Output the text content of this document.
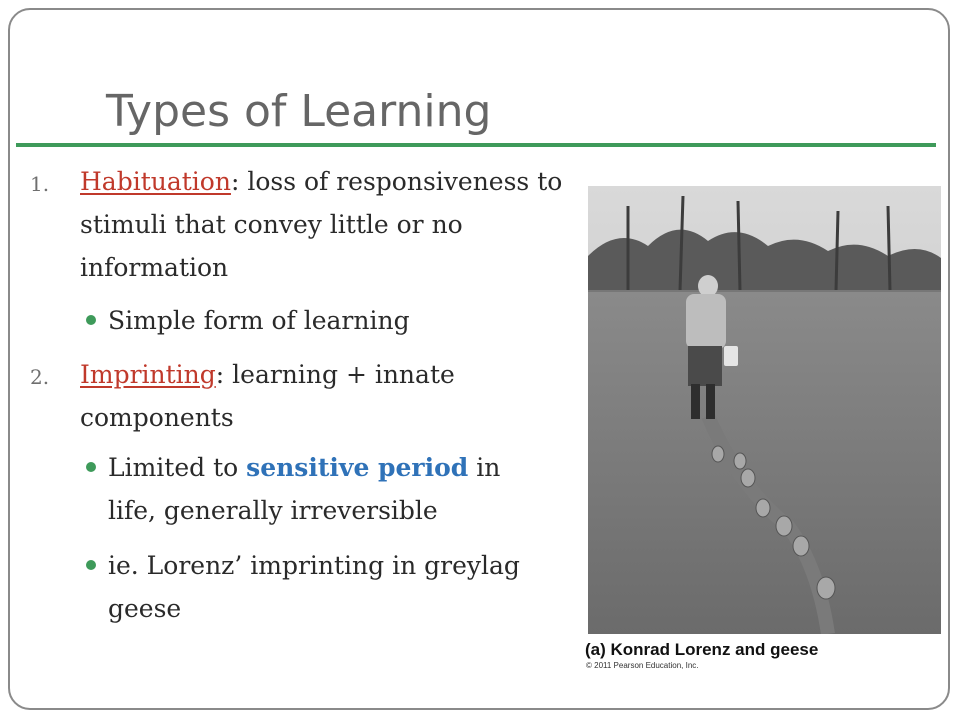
Types of Learning
1. Habituation: loss of responsiveness to
stimuli that convey little or no
information
Simple form of learning
2. Imprinting: learning + innate
components
Limited to sensitive period in
life, generally irreversible
ie. Lorenz’ imprinting in greylag
geese
(a) Konrad Lorenz and geese
© 2011 Pearson Education, Inc.
